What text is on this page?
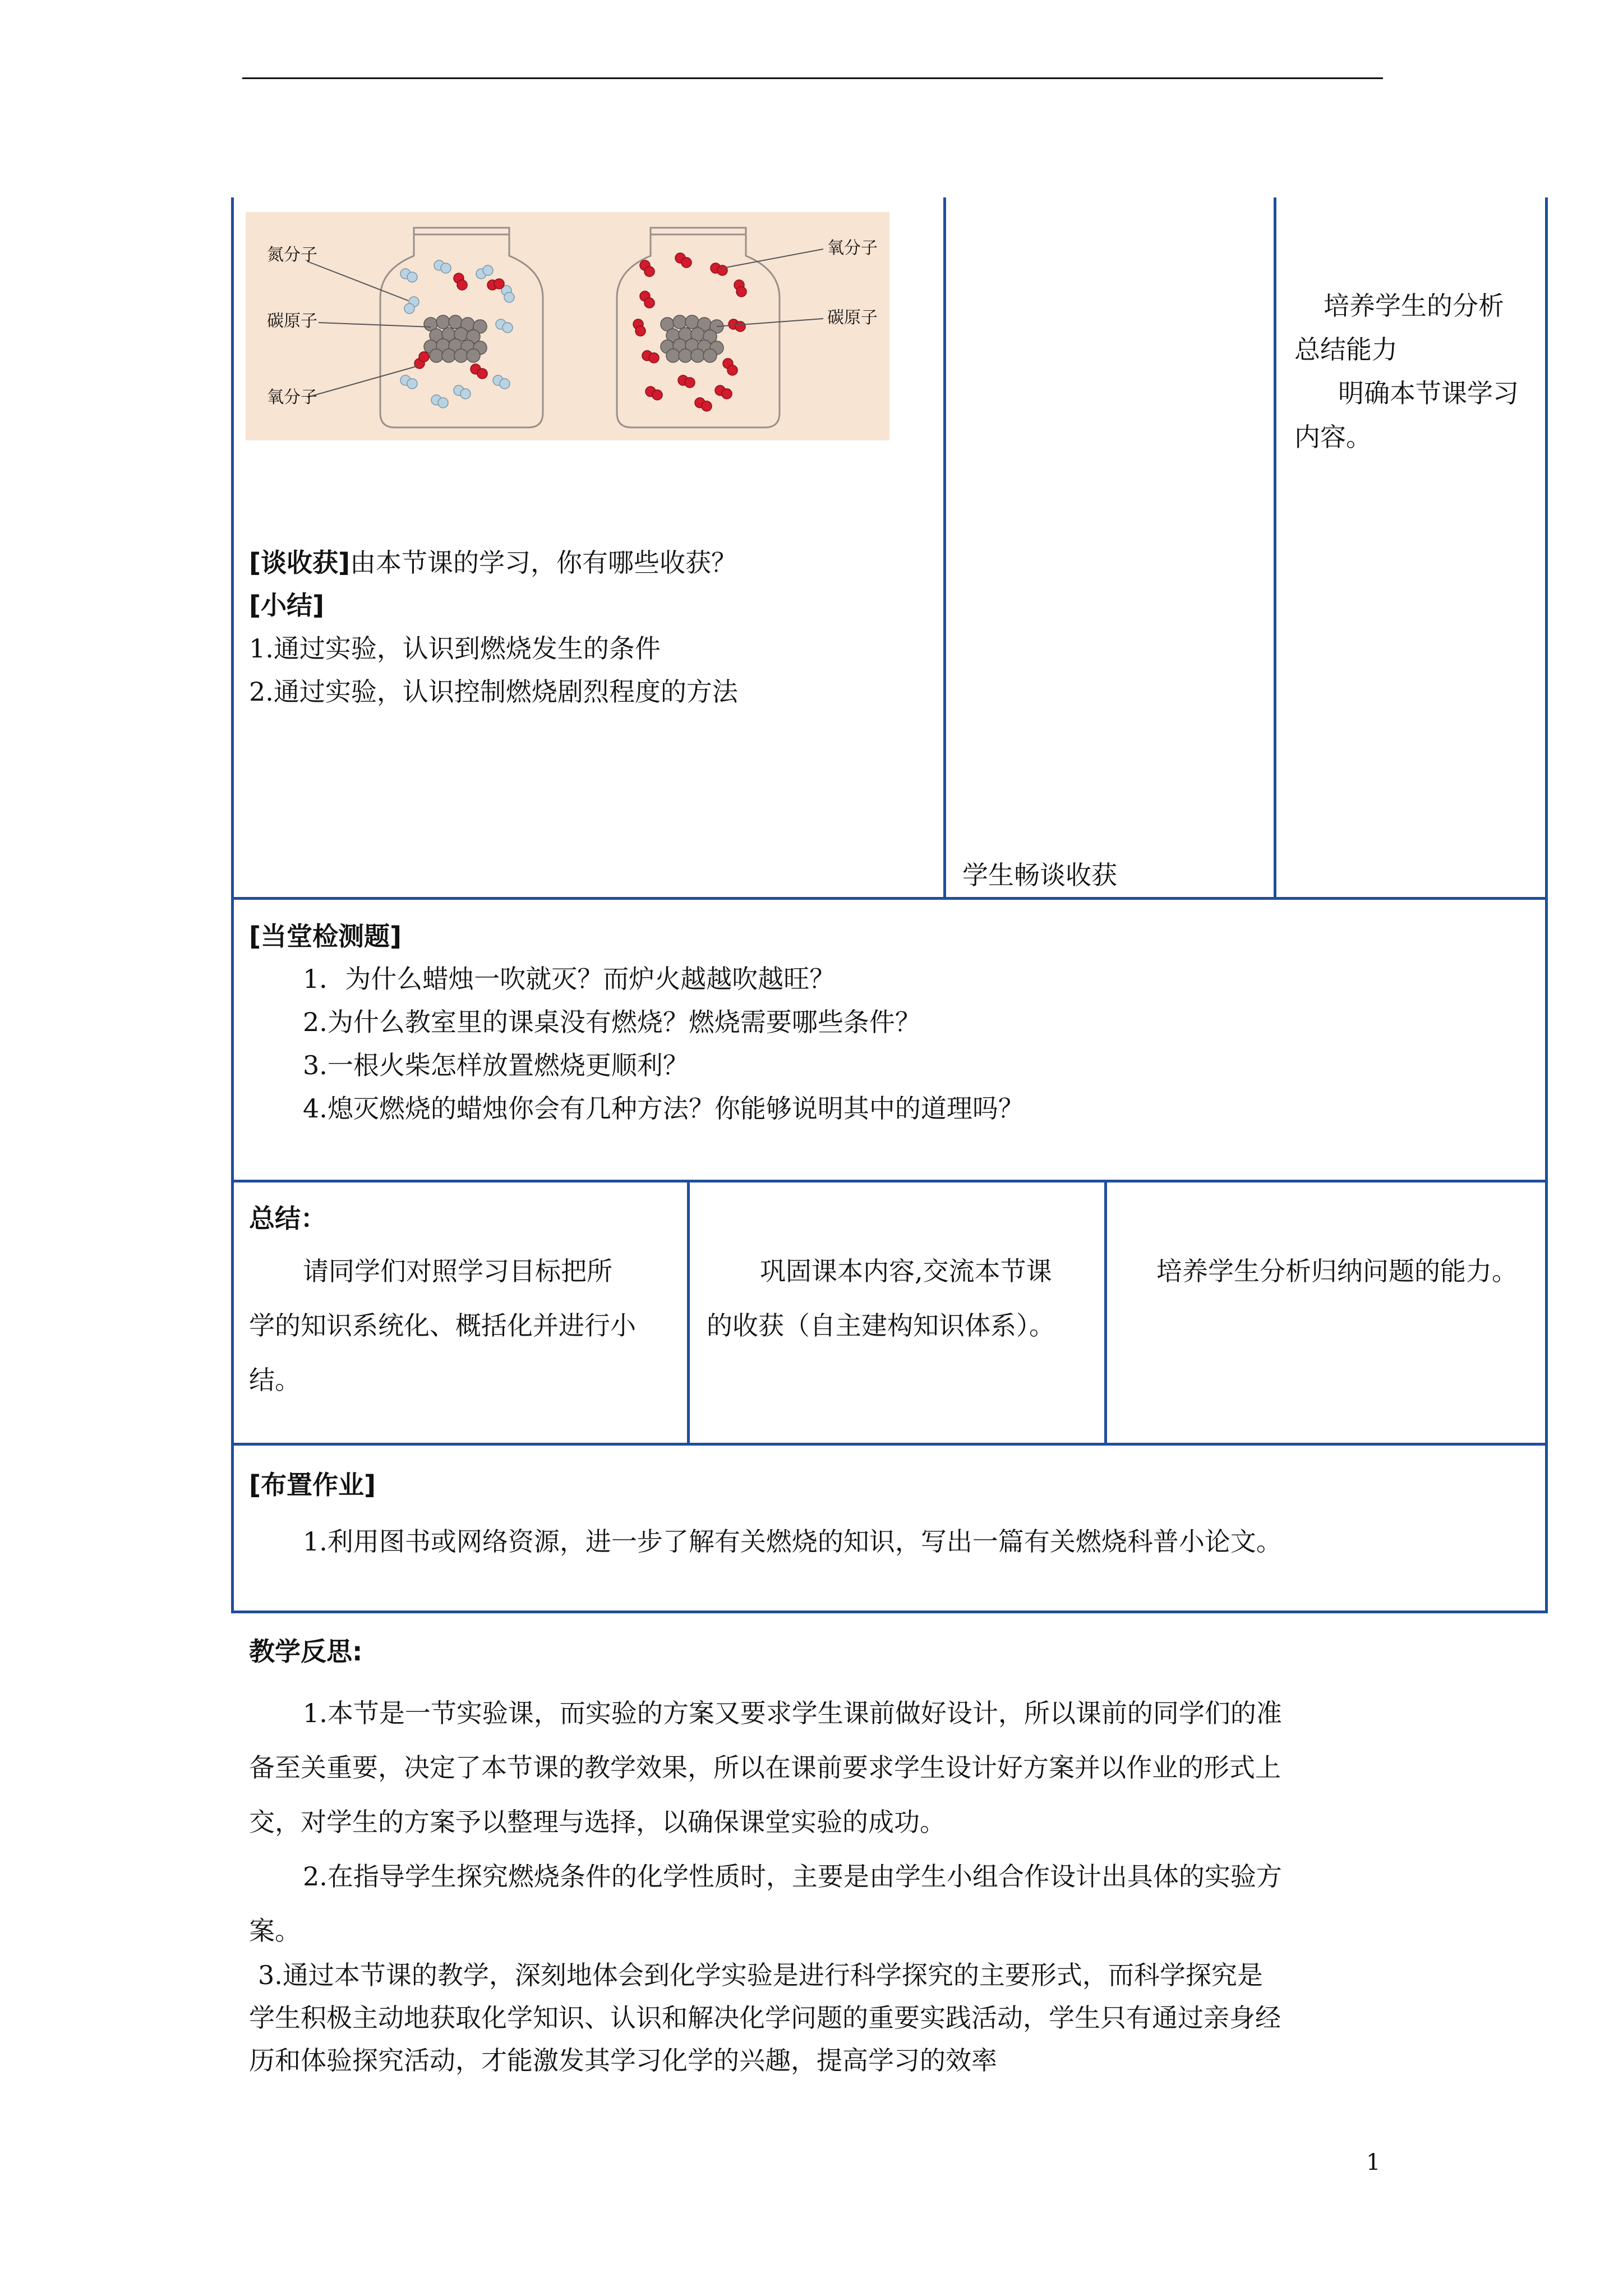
氮分子
碳原子
氧分子
氧分子
碳原子	培养学生的分析
总结能力
明确本节课学习
内容。
[谈收获]由本节课的学习，你有哪些收获？
[小结]
1.通过实验，认识到燃烧发生的条件
2.通过实验，认识控制燃烧剧烈程度的方法
学生畅谈收获
[当堂检测题]
1．为什么蜡烛一吹就灭？而炉火越越吹越旺？
2.为什么教室里的课桌没有燃烧？燃烧需要哪些条件？
3.一根火柴怎样放置燃烧更顺利？
4.熄灭燃烧的蜡烛你会有几种方法？你能够说明其中的道理吗？
总结：
请同学们对照学习目标把所
学的知识系统化、概括化并进行小
结。
巩固课本内容,交流本节课
的收获（自主建构知识体系）。
培养学生分析归纳问题的能力。
[布置作业]
1.利用图书或网络资源，进一步了解有关燃烧的知识，写出一篇有关燃烧科普小论文。
教学反思:
1.本节是一节实验课，而实验的方案又要求学生课前做好设计，所以课前的同学们的准
备至关重要，决定了本节课的教学效果，所以在课前要求学生设计好方案并以作业的形式上
交，对学生的方案予以整理与选择，以确保课堂实验的成功。
2.在指导学生探究燃烧条件的化学性质时，主要是由学生小组合作设计出具体的实验方
案。
3.通过本节课的教学，深刻地体会到化学实验是进行科学探究的主要形式，而科学探究是
学生积极主动地获取化学知识、认识和解决化学问题的重要实践活动，学生只有通过亲身经
历和体验探究活动，才能激发其学习化学的兴趣，提高学习的效率
1
